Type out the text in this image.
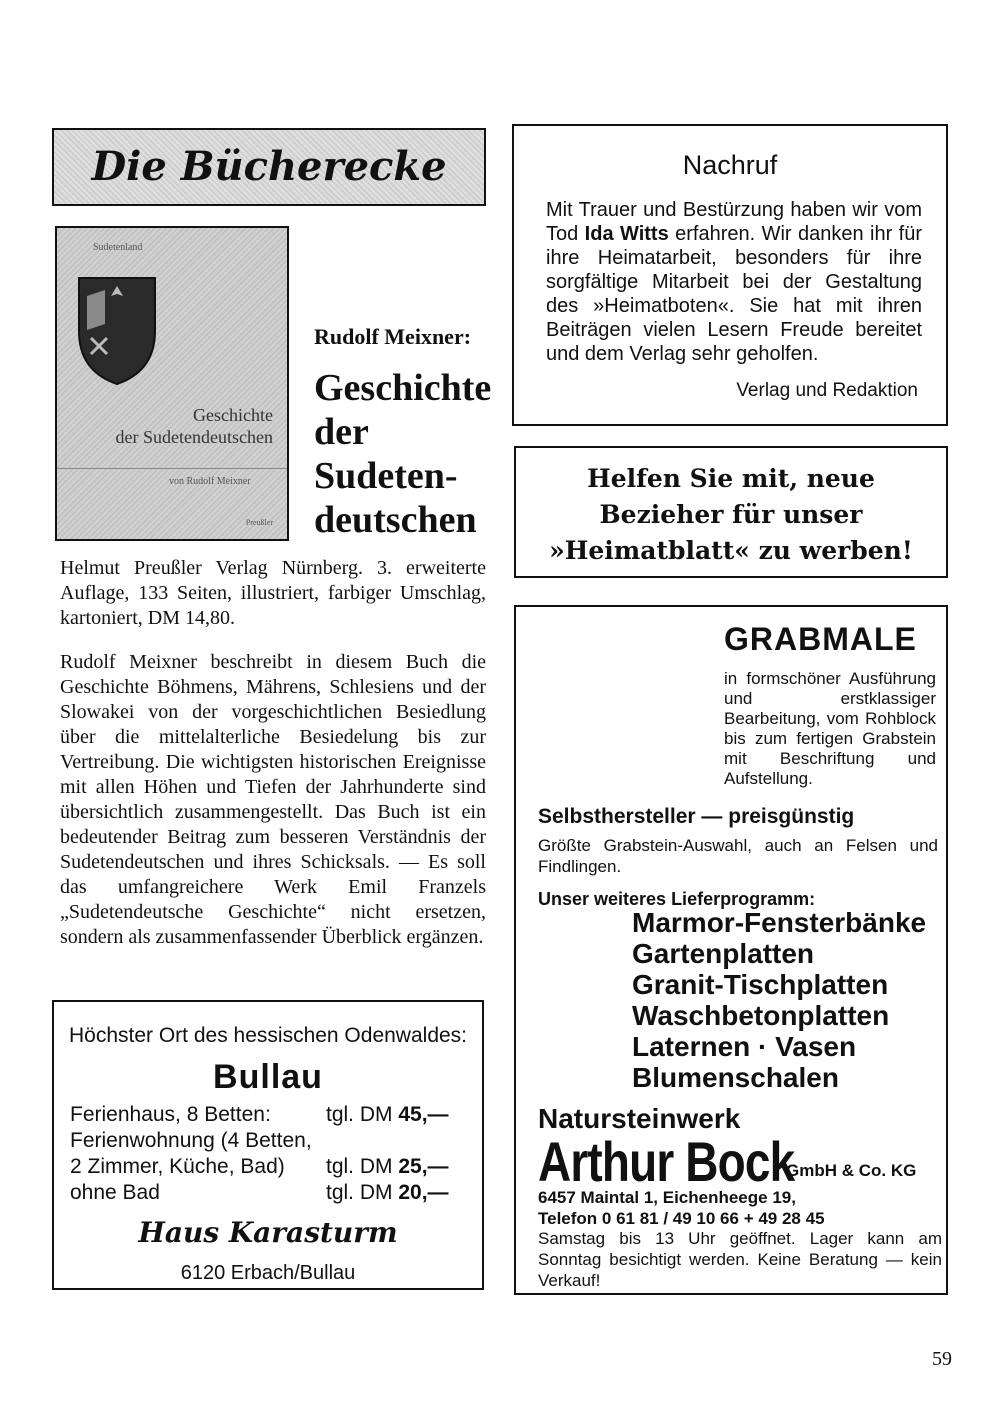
Die Bücherecke
Sudetenland
Geschichte
der Sudetendeutschen
von Rudolf Meixner
Preußler
Rudolf Meixner:
Geschichte
der
Sudeten-
deutschen
Helmut Preußler Verlag Nürnberg. 3. erweiterte Auflage, 133 Seiten, illustriert, farbiger Umschlag, kartoniert, DM 14,80.
Rudolf Meixner beschreibt in diesem Buch die Geschichte Böhmens, Mährens, Schlesiens und der Slowakei von der vorgeschichtlichen Besiedlung über die mittelalterliche Besiedelung bis zur Vertreibung. Die wichtigsten historischen Ereignisse mit allen Höhen und Tiefen der Jahrhunderte sind übersichtlich zusammengestellt. Das Buch ist ein bedeutender Beitrag zum besseren Verständnis der Sudetendeutschen und ihres Schicksals. — Es soll das umfangreichere Werk Emil Franzels „Sudetendeutsche Geschichte“ nicht ersetzen, sondern als zusammenfassender Überblick ergänzen.
Höchster Ort des hessischen Odenwaldes:
Bullau
Ferienhaus, 8 Betten:	tgl. DM 45,—
Ferienwohnung (4 Betten,
2 Zimmer, Küche, Bad) tgl. DM 25,—
ohne Bad	tgl. DM 20,—
Haus Karasturm
6120 Erbach/Bullau
Nachruf
Mit Trauer und Bestürzung haben wir vom Tod Ida Witts erfahren. Wir danken ihr für ihre Heimatarbeit, besonders für ihre sorgfältige Mitarbeit bei der Gestaltung des »Heimatboten«. Sie hat mit ihren Beiträgen vielen Lesern Freude bereitet und dem Verlag sehr geholfen.
Verlag und Redaktion
Helfen Sie mit, neue
Bezieher für unser
»Heimatblatt« zu werben!
GRABMALE
in formschöner Ausführung und erstklassiger Bearbeitung, vom Rohblock bis zum fertigen Grabstein mit Beschriftung und Aufstellung.
Selbsthersteller — preisgünstig
Größte Grabstein-Auswahl, auch an Felsen und Findlingen.
Unser weiteres Lieferprogramm:
Marmor-Fensterbänke
Gartenplatten
Granit-Tischplatten
Waschbetonplatten
Laternen · Vasen
Blumenschalen
Natursteinwerk
Arthur Bock
GmbH & Co. KG
6457 Maintal 1, Eichenheege 19,
Telefon 0 61 81 / 49 10 66 + 49 28 45
Samstag bis 13 Uhr geöffnet. Lager kann am Sonntag besichtigt werden. Keine Beratung — kein Verkauf!
59
